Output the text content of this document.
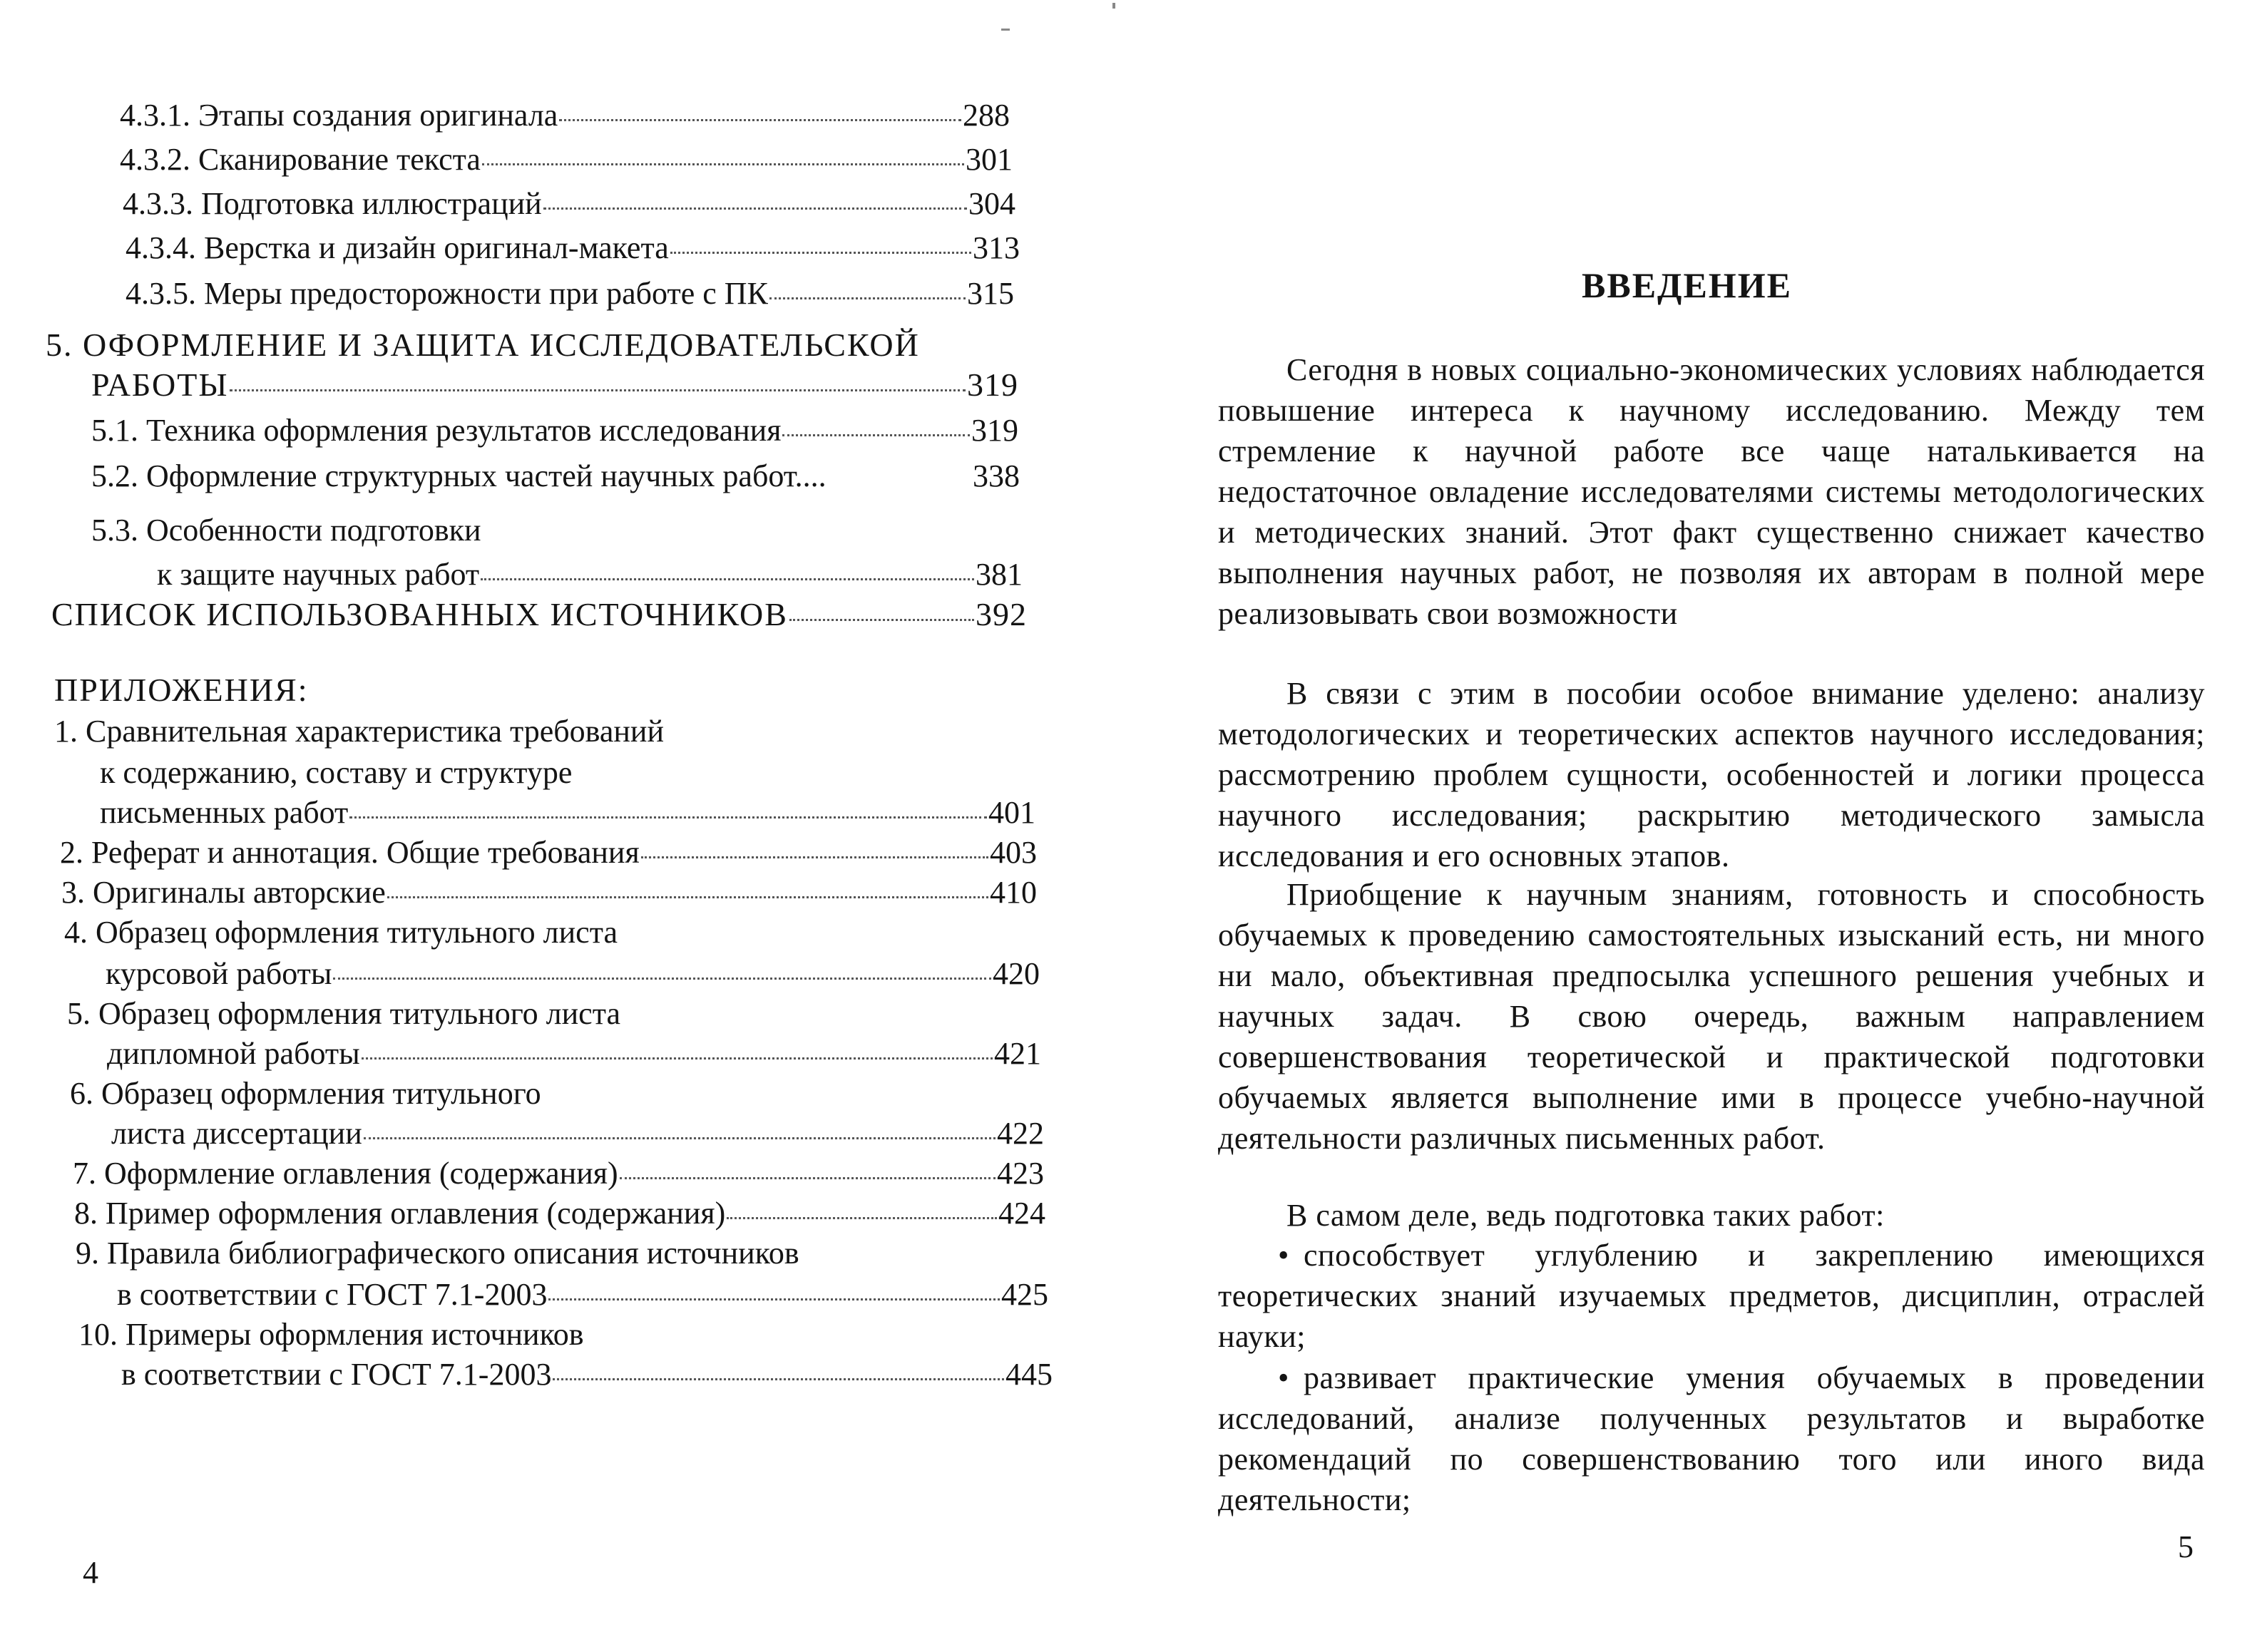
4.3.1. Этапы создания оригинала	288
4.3.2. Сканирование текста	301
4.3.3. Подготовка иллюстраций	304
4.3.4. Верстка и дизайн оригинал-макета	313
4.3.5. Меры предосторожности при работе с ПК	315
5. ОФОРМЛЕНИЕ И ЗАЩИТА ИССЛЕДОВАТЕЛЬСКОЙ
РАБОТЫ	319
5.1. Техника оформления результатов исследования	319
5.2. Оформление структурных частей научных работ....	338
5.3. Особенности подготовки
к защите научных работ	381
СПИСОК ИСПОЛЬЗОВАННЫХ ИСТОЧНИКОВ	392
ПРИЛОЖЕНИЯ:
1. Сравнительная характеристика требований
к содержанию, составу и структуре
письменных работ	401
2. Реферат и аннотация. Общие требования	403
3. Оригиналы авторские	410
4. Образец оформления титульного листа
курсовой работы	420
5. Образец оформления титульного листа
дипломной работы	421
6. Образец оформления титульного
листа диссертации	422
7. Оформление оглавления (содержания)	423
8. Пример оформления оглавления (содержания)	424
9. Правила библиографического описания источников
в соответствии с ГОСТ 7.1-2003	425
10. Примеры оформления источников
в соответствии с ГОСТ 7.1-2003	445
4
ВВЕДЕНИЕ
Сегодня в новых социально-экономических условиях наблюдается повышение интереса к научному исследованию. Между тем стремление к научной работе все чаще наталькивается на недостаточное овладение исследователями системы методологических и методических знаний. Этот факт существенно снижает качество выполнения научных работ, не позволяя их авторам в полной мере реализовывать свои возможности
В связи с этим в пособии особое внимание уделено: анализу методологических и теоретических аспектов научного исследования; рассмотрению проблем сущности, особенностей и логики процесса научного исследования; раскрытию методического замысла исследования и его основных этапов.
Приобщение к научным знаниям, готовность и способность обучаемых к проведению самостоятельных изысканий есть, ни много ни мало, объективная предпосылка успешного решения учебных и научных задач. В свою очередь, важным направлением совершенствования теоретической и практической подготовки обучаемых является выполнение ими в процессе учебно-научной деятельности различных письменных работ.
В самом деле, ведь подготовка таких работ:
• способствует углублению и закреплению имеющихся теоретических знаний изучаемых предметов, дисциплин, отраслей науки;
• развивает практические умения обучаемых в проведении исследований, анализе полученных результатов и выработке рекомендаций по совершенствованию того или иного вида деятельности;
5
